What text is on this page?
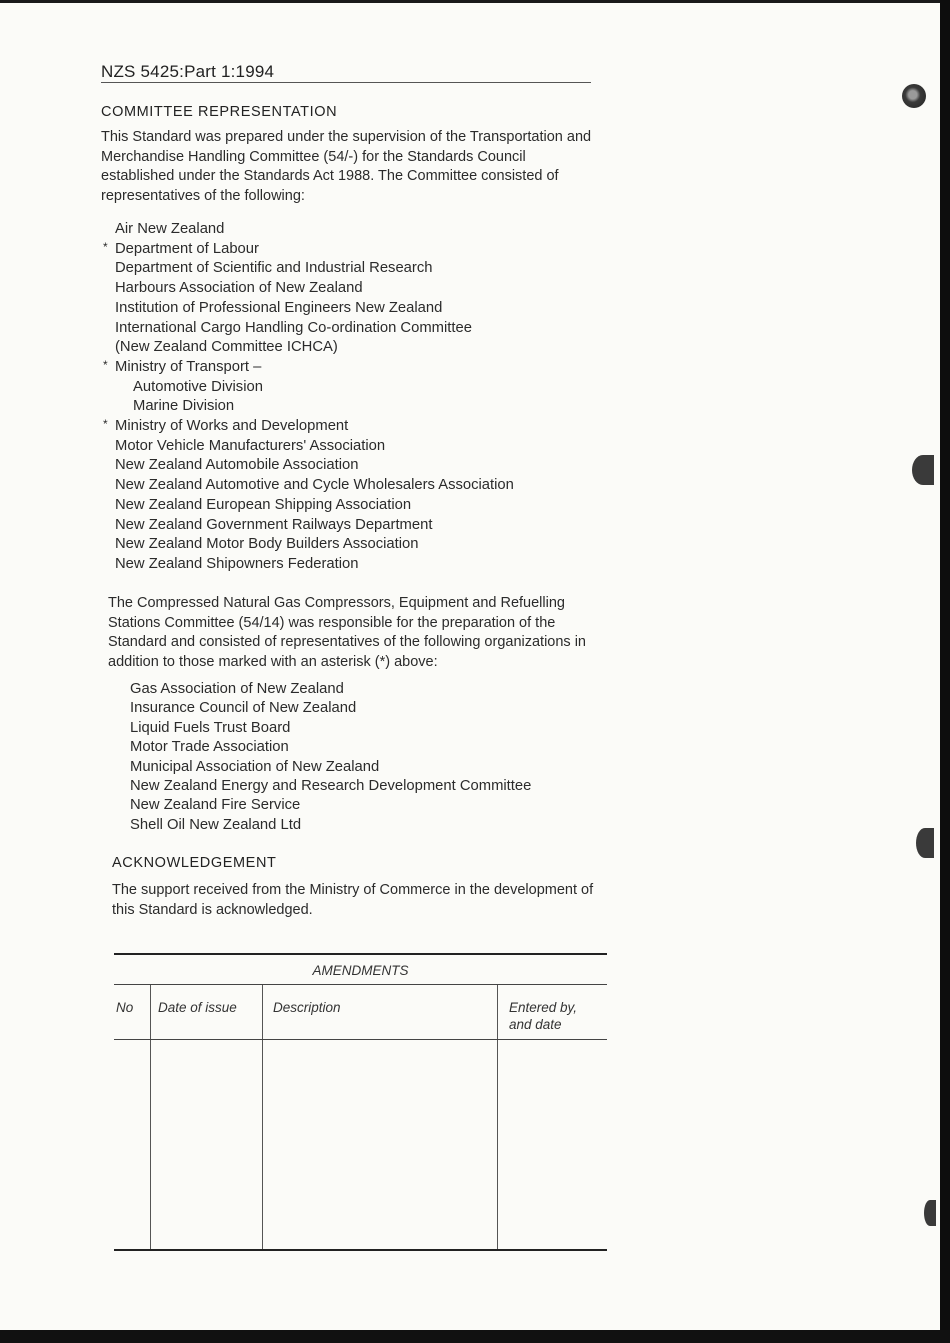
NZS 5425:Part 1:1994
COMMITTEE REPRESENTATION

This Standard was prepared under the supervision of the Transportation and Merchandise Handling Committee (54/-) for the Standards Council established under the Standards Act 1988. The Committee consisted of representatives of the following:

Air New Zealand
* Department of Labour
Department of Scientific and Industrial Research
Harbours Association of New Zealand
Institution of Professional Engineers New Zealand
International Cargo Handling Co-ordination Committee
(New Zealand Committee ICHCA)
* Ministry of Transport –
Automotive Division
Marine Division
* Ministry of Works and Development
Motor Vehicle Manufacturers' Association
New Zealand Automobile Association
New Zealand Automotive and Cycle Wholesalers Association
New Zealand European Shipping Association
New Zealand Government Railways Department
New Zealand Motor Body Builders Association
New Zealand Shipowners Federation

The Compressed Natural Gas Compressors, Equipment and Refuelling Stations Committee (54/14) was responsible for the preparation of the Standard and consisted of representatives of the following organizations in addition to those marked with an asterisk (*) above:

Gas Association of New Zealand
Insurance Council of New Zealand
Liquid Fuels Trust Board
Motor Trade Association
Municipal Association of New Zealand
New Zealand Energy and Research Development Committee
New Zealand Fire Service
Shell Oil New Zealand Ltd
ACKNOWLEDGEMENT

The support received from the Ministry of Commerce in the development of this Standard is acknowledged.

AMENDMENTS
No Date of issue	Description	Entered by,
and date
